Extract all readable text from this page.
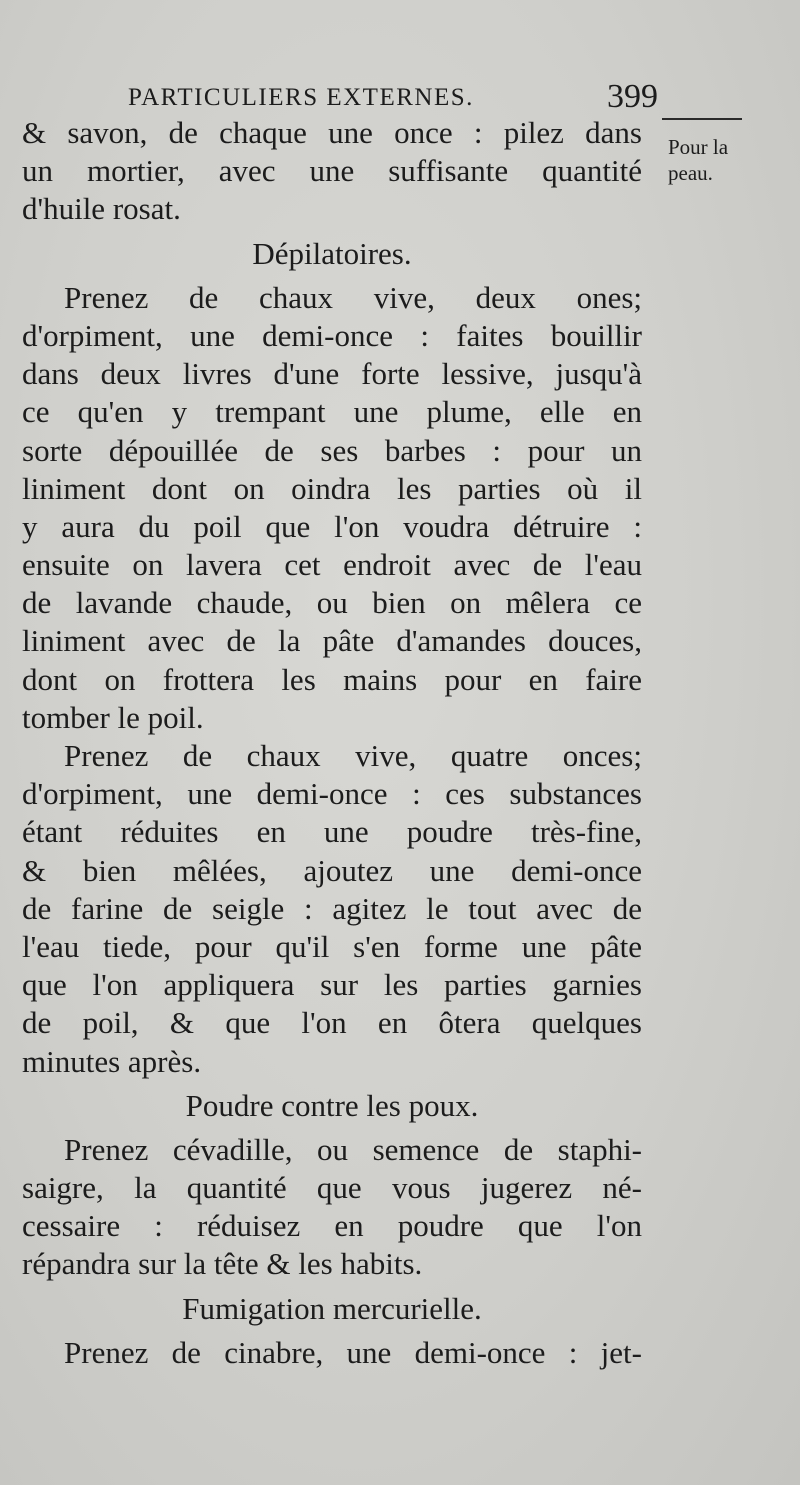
PARTICULIERS EXTERNES.	399
Pour la
peau.
& savon, de chaque une once : pilez dans
un mortier, avec une suffisante quantité
d'huile rosat.
Dépilatoires.
Prenez de chaux vive, deux ones;
d'orpiment, une demi-once : faites bouillir
dans deux livres d'une forte lessive, jusqu'à
ce qu'en y trempant une plume, elle en
sorte dépouillée de ses barbes : pour un
liniment dont on oindra les parties où il
y aura du poil que l'on voudra détruire :
ensuite on lavera cet endroit avec de l'eau
de lavande chaude, ou bien on mêlera ce
liniment avec de la pâte d'amandes douces,
dont on frottera les mains pour en faire
tomber le poil.
Prenez de chaux vive, quatre onces;
d'orpiment, une demi-once : ces substances
étant réduites en une poudre très-fine,
& bien mêlées, ajoutez une demi-once
de farine de seigle : agitez le tout avec de
l'eau tiede, pour qu'il s'en forme une pâte
que l'on appliquera sur les parties garnies
de poil, & que l'on en ôtera quelques
minutes après.
Poudre contre les poux.
Prenez cévadille, ou semence de staphi-
saigre, la quantité que vous jugerez né-
cessaire : réduisez en poudre que l'on
répandra sur la tête & les habits.
Fumigation mercurielle.
Prenez de cinabre, une demi-once : jet-
